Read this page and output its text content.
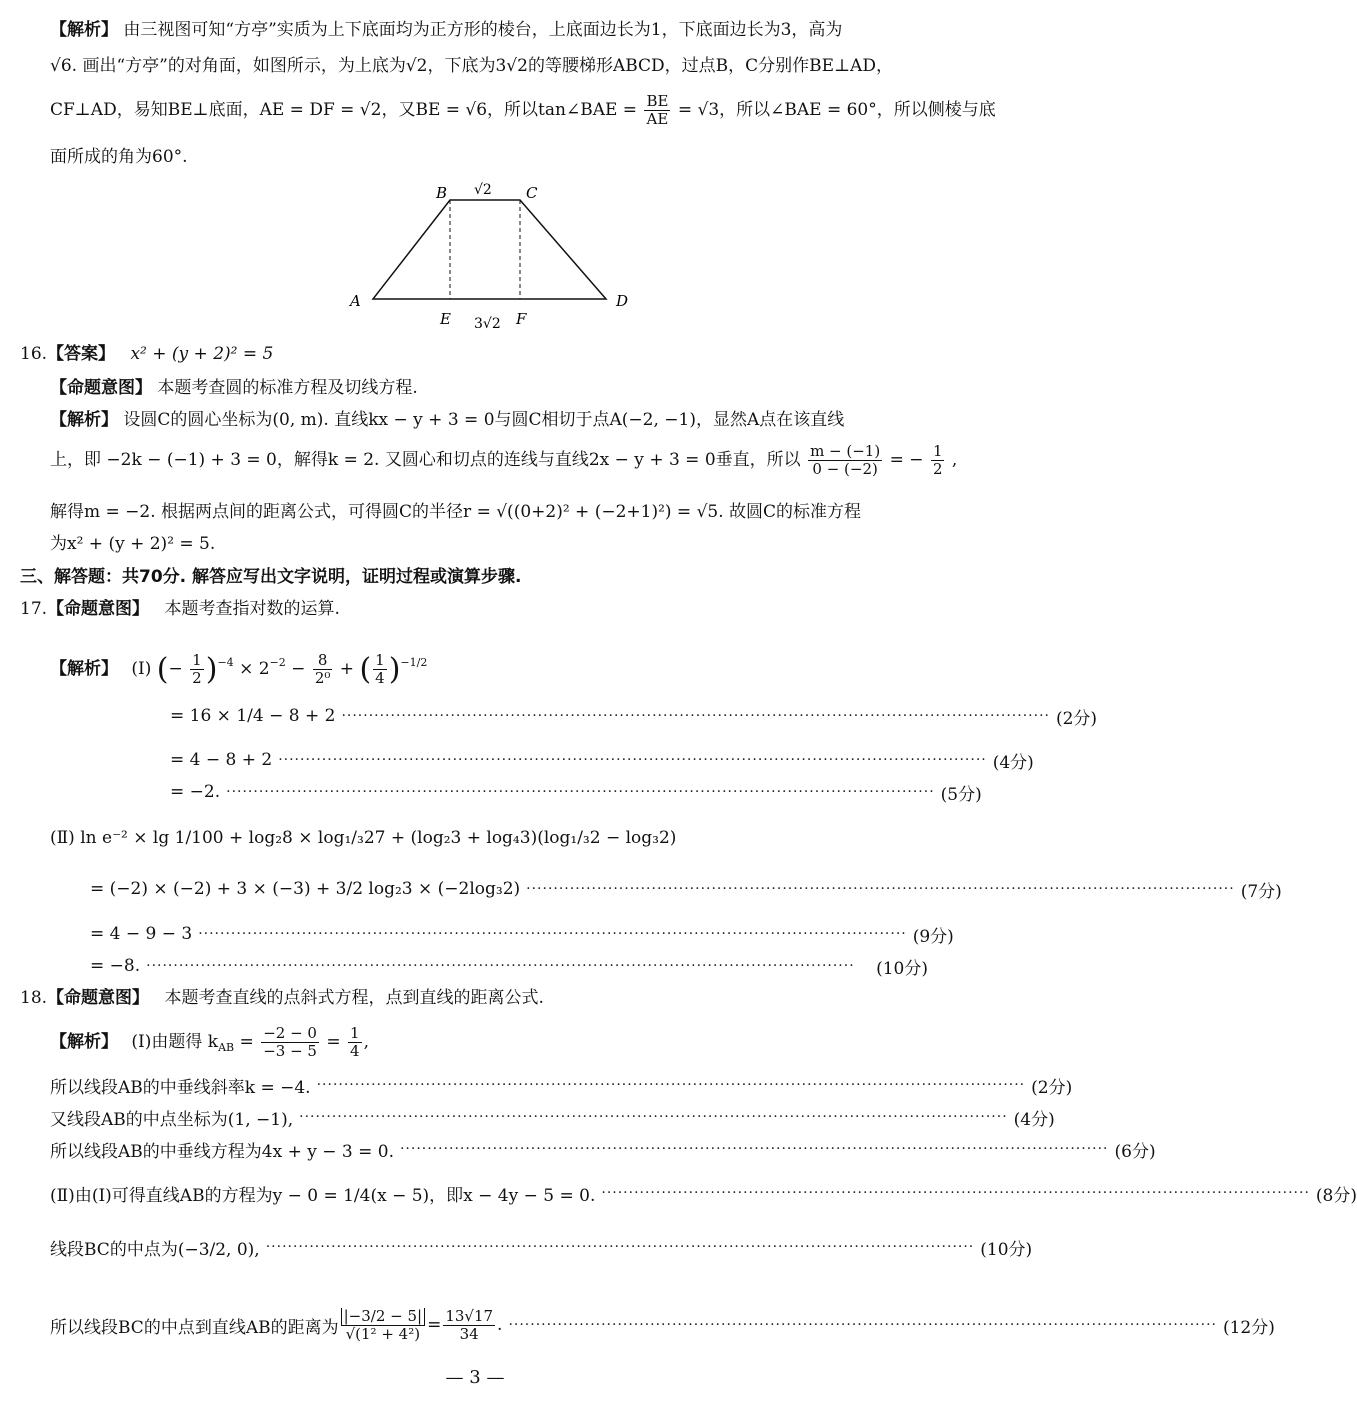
【解析】 由三视图可知“方亭”实质为上下底面均为正方形的棱台，上底面边长为1，下底面边长为3，高为
√6. 画出“方亭”的对角面，如图所示，为上底为√2，下底为3√2的等腰梯形ABCD，过点B，C分别作BE⊥AD，
CF⊥AD，易知BE⊥底面，AE = DF = √2，又BE = √6，所以tan∠BAE = $\frac{BE}{AE} = √3$，所以∠BAE = 60°，所以侧棱与底
面所成的角为60°.
A
B	C
D
E	F
√2
3√2
16.【答案】 x² + (y + 2)² = 5
【命题意图】 本题考查圆的标准方程及切线方程.
【解析】 设圆C的圆心坐标为(0, m). 直线kx − y + 3 = 0与圆C相切于点A(−2, −1)，显然A点在该直线
上，即 −2k − (−1) + 3 = 0，解得k = 2. 又圆心和切点的连线与直线2x − y + 3 = 0垂直，所以 $\frac{m - (-1)}{0 - (-2)}$ = − $\frac{1}{2}$ ,
解得m = −2. 根据两点间的距离公式，可得圆C的半径r = √((0+2)² + (−2+1)²) = √5. 故圆C的标准方程
为x² + (y + 2)² = 5.
三、解答题：共70分. 解答应写出文字说明，证明过程或演算步骤.
17.【命题意图】 本题考查指对数的运算.
【解析】 (Ⅰ) (− $\frac{1}{2} )^{-4} \times 2^{-2} - \frac{8}{\text{2⁰}}$ + ( $\frac{1}{4} )^{-1/2}$
= 16 × 1/4 − 8 + 2 ·································································································································· (2分)
= 4 − 8 + 2 ·································································································································· (4分)
= −2. ·································································································································· (5分)
(Ⅱ) ln e⁻² × lg 1/100 + log₂8 × log₁/₃27 + (log₂3 + log₄3)(log₁/₃2 − log₃2)
= (−2) × (−2) + 3 × (−3) + 3/2 log₂3 × (−2log₃2) ·································································································································· (7分)
= 4 − 9 − 3 ·································································································································· (9分)
= −8. ··································································································································	(10分)
18.【命题意图】 本题考查直线的点斜式方程，点到直线的距离公式.
【解析】 (Ⅰ)由题得 $k_{AB} = \frac{-2 - 0}{-3 - 5} = \frac{1}{4}$ ,
所以线段AB的中垂线斜率k = −4. ·································································································································· (2分)
又线段AB的中点坐标为(1, −1), ·································································································································· (4分)
所以线段AB的中垂线方程为4x + y − 3 = 0. ·································································································································· (6分)
(Ⅱ)由(Ⅰ)可得直线AB的方程为y − 0 = 1/4(x − 5)，即x − 4y − 5 = 0. ·································································································································· (8分)
线段BC的中点为(−3/2, 0), ·································································································································· (10分)
所以线段BC的中点到直线AB的距离为 $\frac{|-3/2 - 5|}{\text{√(1² + 4²)}} = \frac{13√17}{34}$ . ·································································································································· (12分)
— 3 —
